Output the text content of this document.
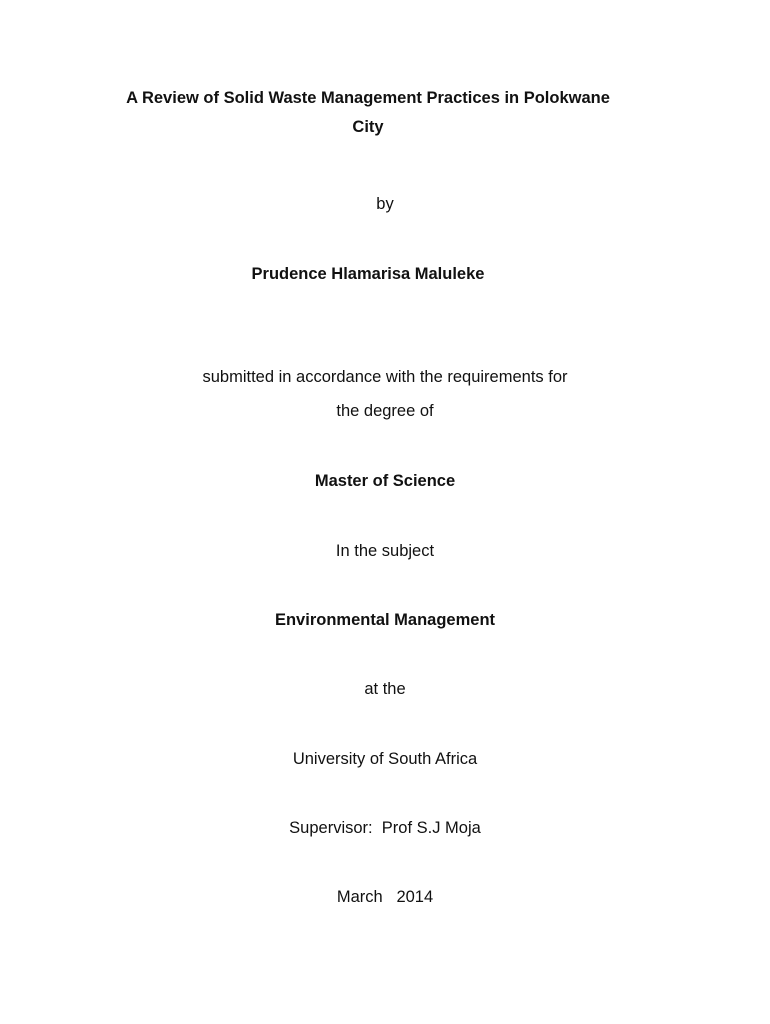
A Review of Solid Waste Management Practices in Polokwane
City
by
Prudence Hlamarisa Maluleke
submitted in accordance with the requirements for
the degree of
Master of Science
In the subject
Environmental Management
at the
University of South Africa
Supervisor:  Prof S.J Moja
March   2014
